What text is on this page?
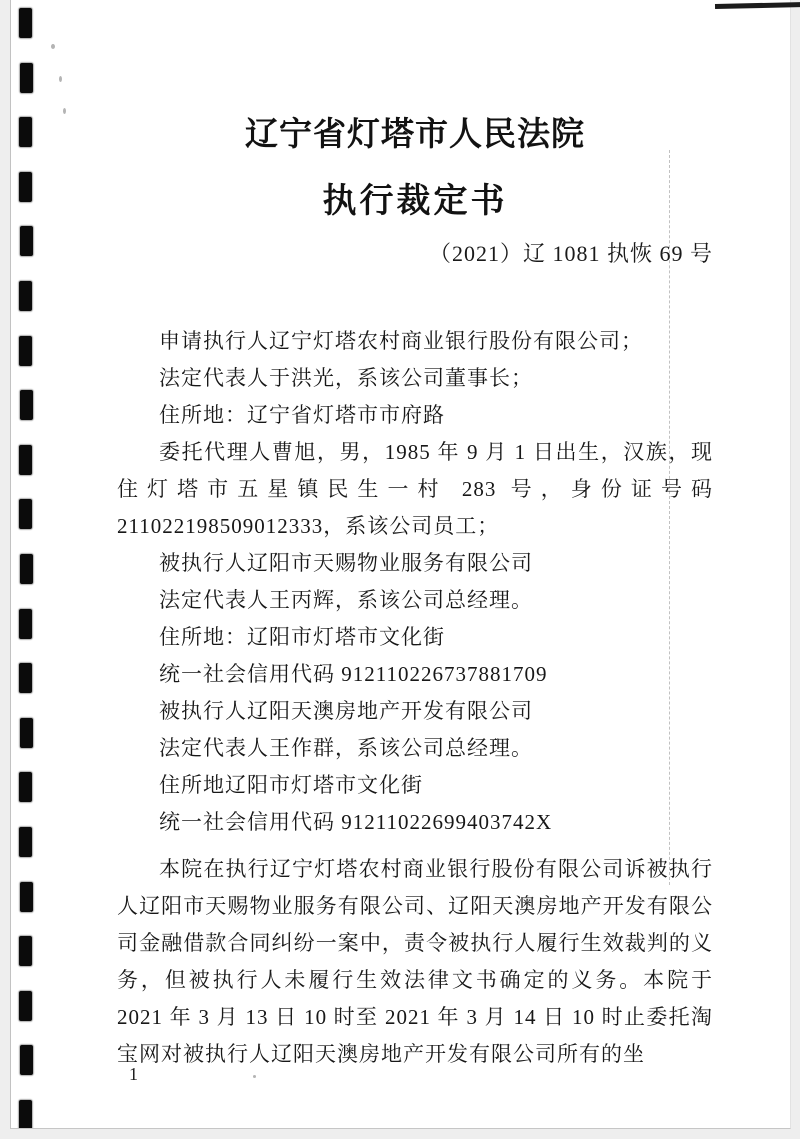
辽宁省灯塔市人民法院
执行裁定书
（2021）辽 1081 执恢 69 号

申请执行人辽宁灯塔农村商业银行股份有限公司；

法定代表人于洪光，系该公司董事长；

住所地：辽宁省灯塔市市府路

委托代理人曹旭，男，1985 年 9 月 1 日出生，汉族，现住灯塔市五星镇民生一村 283 号，身份证号码 211022198509012333，系该公司员工；

被执行人辽阳市天赐物业服务有限公司

法定代表人王丙辉，系该公司总经理。

住所地：辽阳市灯塔市文化街

统一社会信用代码 912110226737881709

被执行人辽阳天澳房地产开发有限公司

法定代表人王作群，系该公司总经理。

住所地辽阳市灯塔市文化街

统一社会信用代码 91211022699403742X

本院在执行辽宁灯塔农村商业银行股份有限公司诉被执行人辽阳市天赐物业服务有限公司、辽阳天澳房地产开发有限公司金融借款合同纠纷一案中，责令被执行人履行生效裁判的义务，但被执行人未履行生效法律文书确定的义务。本院于 2021 年 3 月 13 日 10 时至 2021 年 3 月 14 日 10 时止委托淘宝网对被执行人辽阳天澳房地产开发有限公司所有的坐

1
